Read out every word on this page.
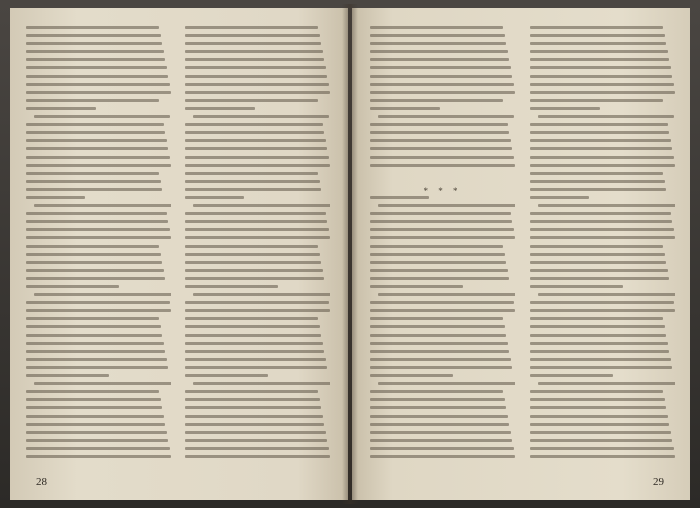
28
* * *
29
